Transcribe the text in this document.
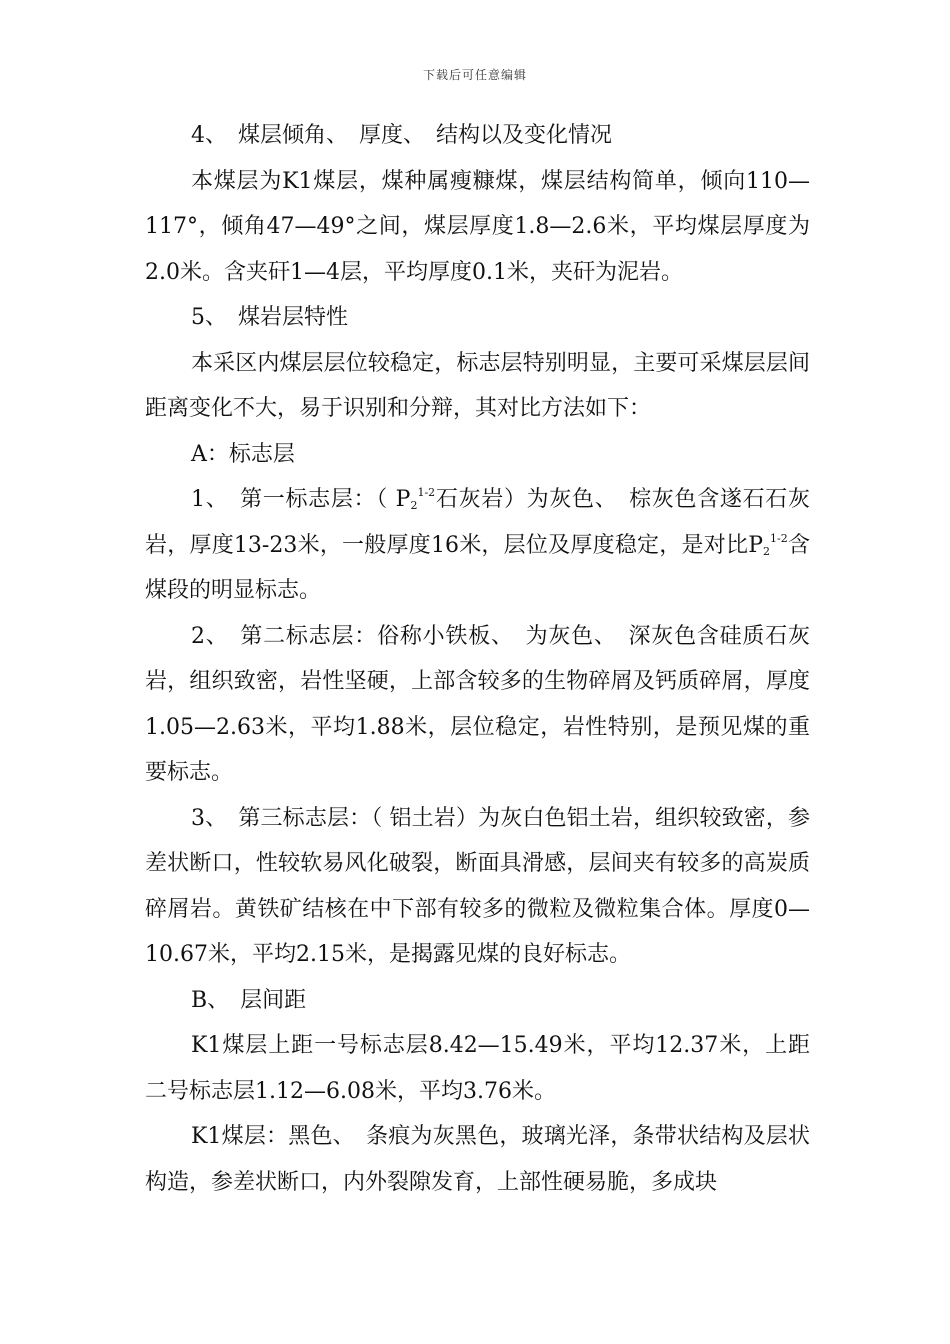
下载后可任意编辑

4、　煤层倾角、　厚度、　结构以及变化情况

本煤层为K1煤层，煤种属瘦糠煤，煤层结构简单，倾向110—117°，倾角47—49°之间，煤层厚度1.8—2.6米，平均煤层厚度为2.0米。含夹矸1—4层，平均厚度0.1米，夹矸为泥岩。

5、　煤岩层特性

本采区内煤层层位较稳定，标志层特别明显，主要可采煤层层间距离变化不大，易于识别和分辩，其对比方法如下：

A：标志层

1、　第一标志层：（ $P_2^{1-2}$石灰岩）为灰色、　棕灰色含遂石石灰岩，厚度13-23米，一般厚度16米，层位及厚度稳定，是对比$P_2^{1-2}$含煤段的明显标志。

2、　第二标志层：俗称小铁板、　为灰色、　深灰色含硅质石灰岩，组织致密，岩性坚硬，上部含较多的生物碎屑及钙质碎屑，厚度1.05—2.63米，平均1.88米，层位稳定，岩性特别，是预见煤的重要标志。

3、　第三标志层：（ 铝土岩）为灰白色铝土岩，组织较致密，参差状断口，性较软易风化破裂，断面具滑感，层间夹有较多的高炭质碎屑岩。黄铁矿结核在中下部有较多的微粒及微粒集合体。厚度0—10.67米，平均2.15米，是揭露见煤的良好标志。

B、　层间距

K1煤层上距一号标志层8.42—15.49米，平均12.37米，上距二号标志层1.12—6.08米，平均3.76米。

K1煤层：黑色、　条痕为灰黑色，玻璃光泽，条带状结构及层状构造，参差状断口，内外裂隙发育，上部性硬易脆，多成块
